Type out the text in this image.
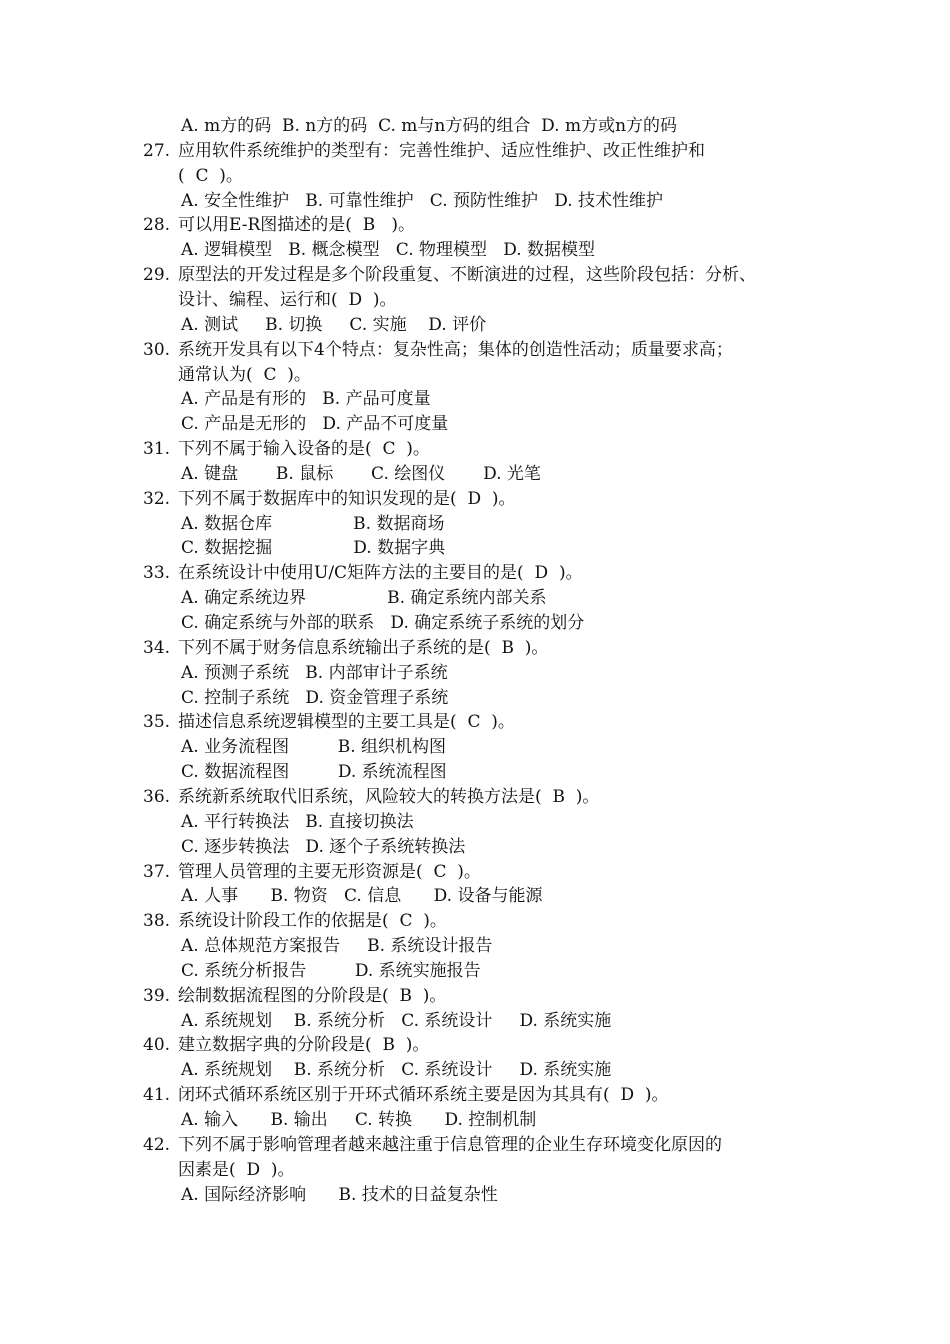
A. m方的码  B. n方的码  C. m与n方码的组合  D. m方或n方的码
27. 应用软件系统维护的类型有：完善性维护、适应性维护、改正性维护和
(  C  )。
A. 安全性维护   B. 可靠性维护   C. 预防性维护   D. 技术性维护
28. 可以用E-R图描述的是(  B   )。
A. 逻辑模型   B. 概念模型   C. 物理模型   D. 数据模型
29. 原型法的开发过程是多个阶段重复、不断演进的过程，这些阶段包括：分析、
设计、编程、运行和(  D  )。
A. 测试     B. 切换     C. 实施    D. 评价
30. 系统开发具有以下4个特点：复杂性高；集体的创造性活动；质量要求高；
通常认为(  C  )。
A. 产品是有形的   B. 产品可度量
C. 产品是无形的   D. 产品不可度量
31. 下列不属于输入设备的是(  C  )。
A. 键盘       B. 鼠标       C. 绘图仪       D. 光笔
32. 下列不属于数据库中的知识发现的是(  D  )。
A. 数据仓库               B. 数据商场
C. 数据挖掘               D. 数据字典
33. 在系统设计中使用U/C矩阵方法的主要目的是(  D  )。
A. 确定系统边界               B. 确定系统内部关系
C. 确定系统与外部的联系   D. 确定系统子系统的划分
34. 下列不属于财务信息系统输出子系统的是(  B  )。
A. 预测子系统   B. 内部审计子系统
C. 控制子系统   D. 资金管理子系统
35. 描述信息系统逻辑模型的主要工具是(  C  )。
A. 业务流程图         B. 组织机构图
C. 数据流程图         D. 系统流程图
36. 系统新系统取代旧系统，风险较大的转换方法是(  B  )。
A. 平行转换法   B. 直接切换法
C. 逐步转换法   D. 逐个子系统转换法
37. 管理人员管理的主要无形资源是(  C  )。
A. 人事      B. 物资   C. 信息      D. 设备与能源
38. 系统设计阶段工作的依据是(  C  )。
A. 总体规范方案报告     B. 系统设计报告
C. 系统分析报告         D. 系统实施报告
39. 绘制数据流程图的分阶段是(  B  )。
A. 系统规划    B. 系统分析   C. 系统设计     D. 系统实施
40. 建立数据字典的分阶段是(  B  )。
A. 系统规划    B. 系统分析   C. 系统设计     D. 系统实施
41. 闭环式循环系统区别于开环式循环系统主要是因为其具有(  D  )。
A. 输入      B. 输出     C. 转换      D. 控制机制
42. 下列不属于影响管理者越来越注重于信息管理的企业生存环境变化原因的
因素是(  D  )。
A. 国际经济影响      B. 技术的日益复杂性
